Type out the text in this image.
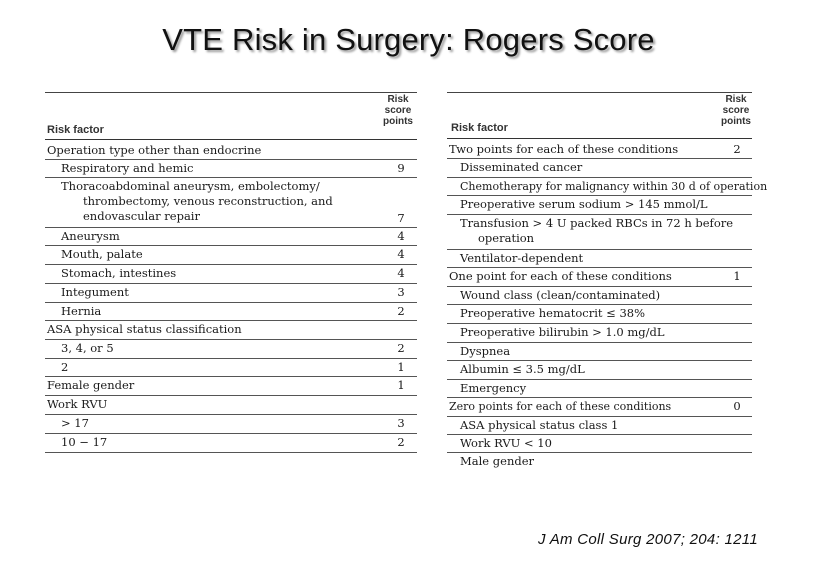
VTE Risk in Surgery: Rogers Score
Risk factor
Risk
score
points
Operation type other than endocrine
Respiratory and hemic	9
Thoracoabdominal aneurysm, embolectomy/
thrombectomy, venous reconstruction, and
endovascular repair	7
Aneurysm	4
Mouth, palate	4
Stomach, intestines	4
Integument	3
Hernia	2
ASA physical status classification
3, 4, or 5	2
2	1
Female gender	1
Work RVU
> 17	3
10 − 17	2
Risk factor
Risk
score
points
Two points for each of these conditions	2
Disseminated cancer
Chemotherapy for malignancy within 30 d of operation
Preoperative serum sodium > 145 mmol/L
Transfusion > 4 U packed RBCs in 72 h before
operation
Ventilator-dependent
One point for each of these conditions	1
Wound class (clean/contaminated)
Preoperative hematocrit ≤ 38%
Preoperative bilirubin > 1.0 mg/dL
Dyspnea
Albumin ≤ 3.5 mg/dL
Emergency
Zero points for each of these conditions	0
ASA physical status class 1
Work RVU < 10
Male gender
J Am Coll Surg 2007; 204: 1211
